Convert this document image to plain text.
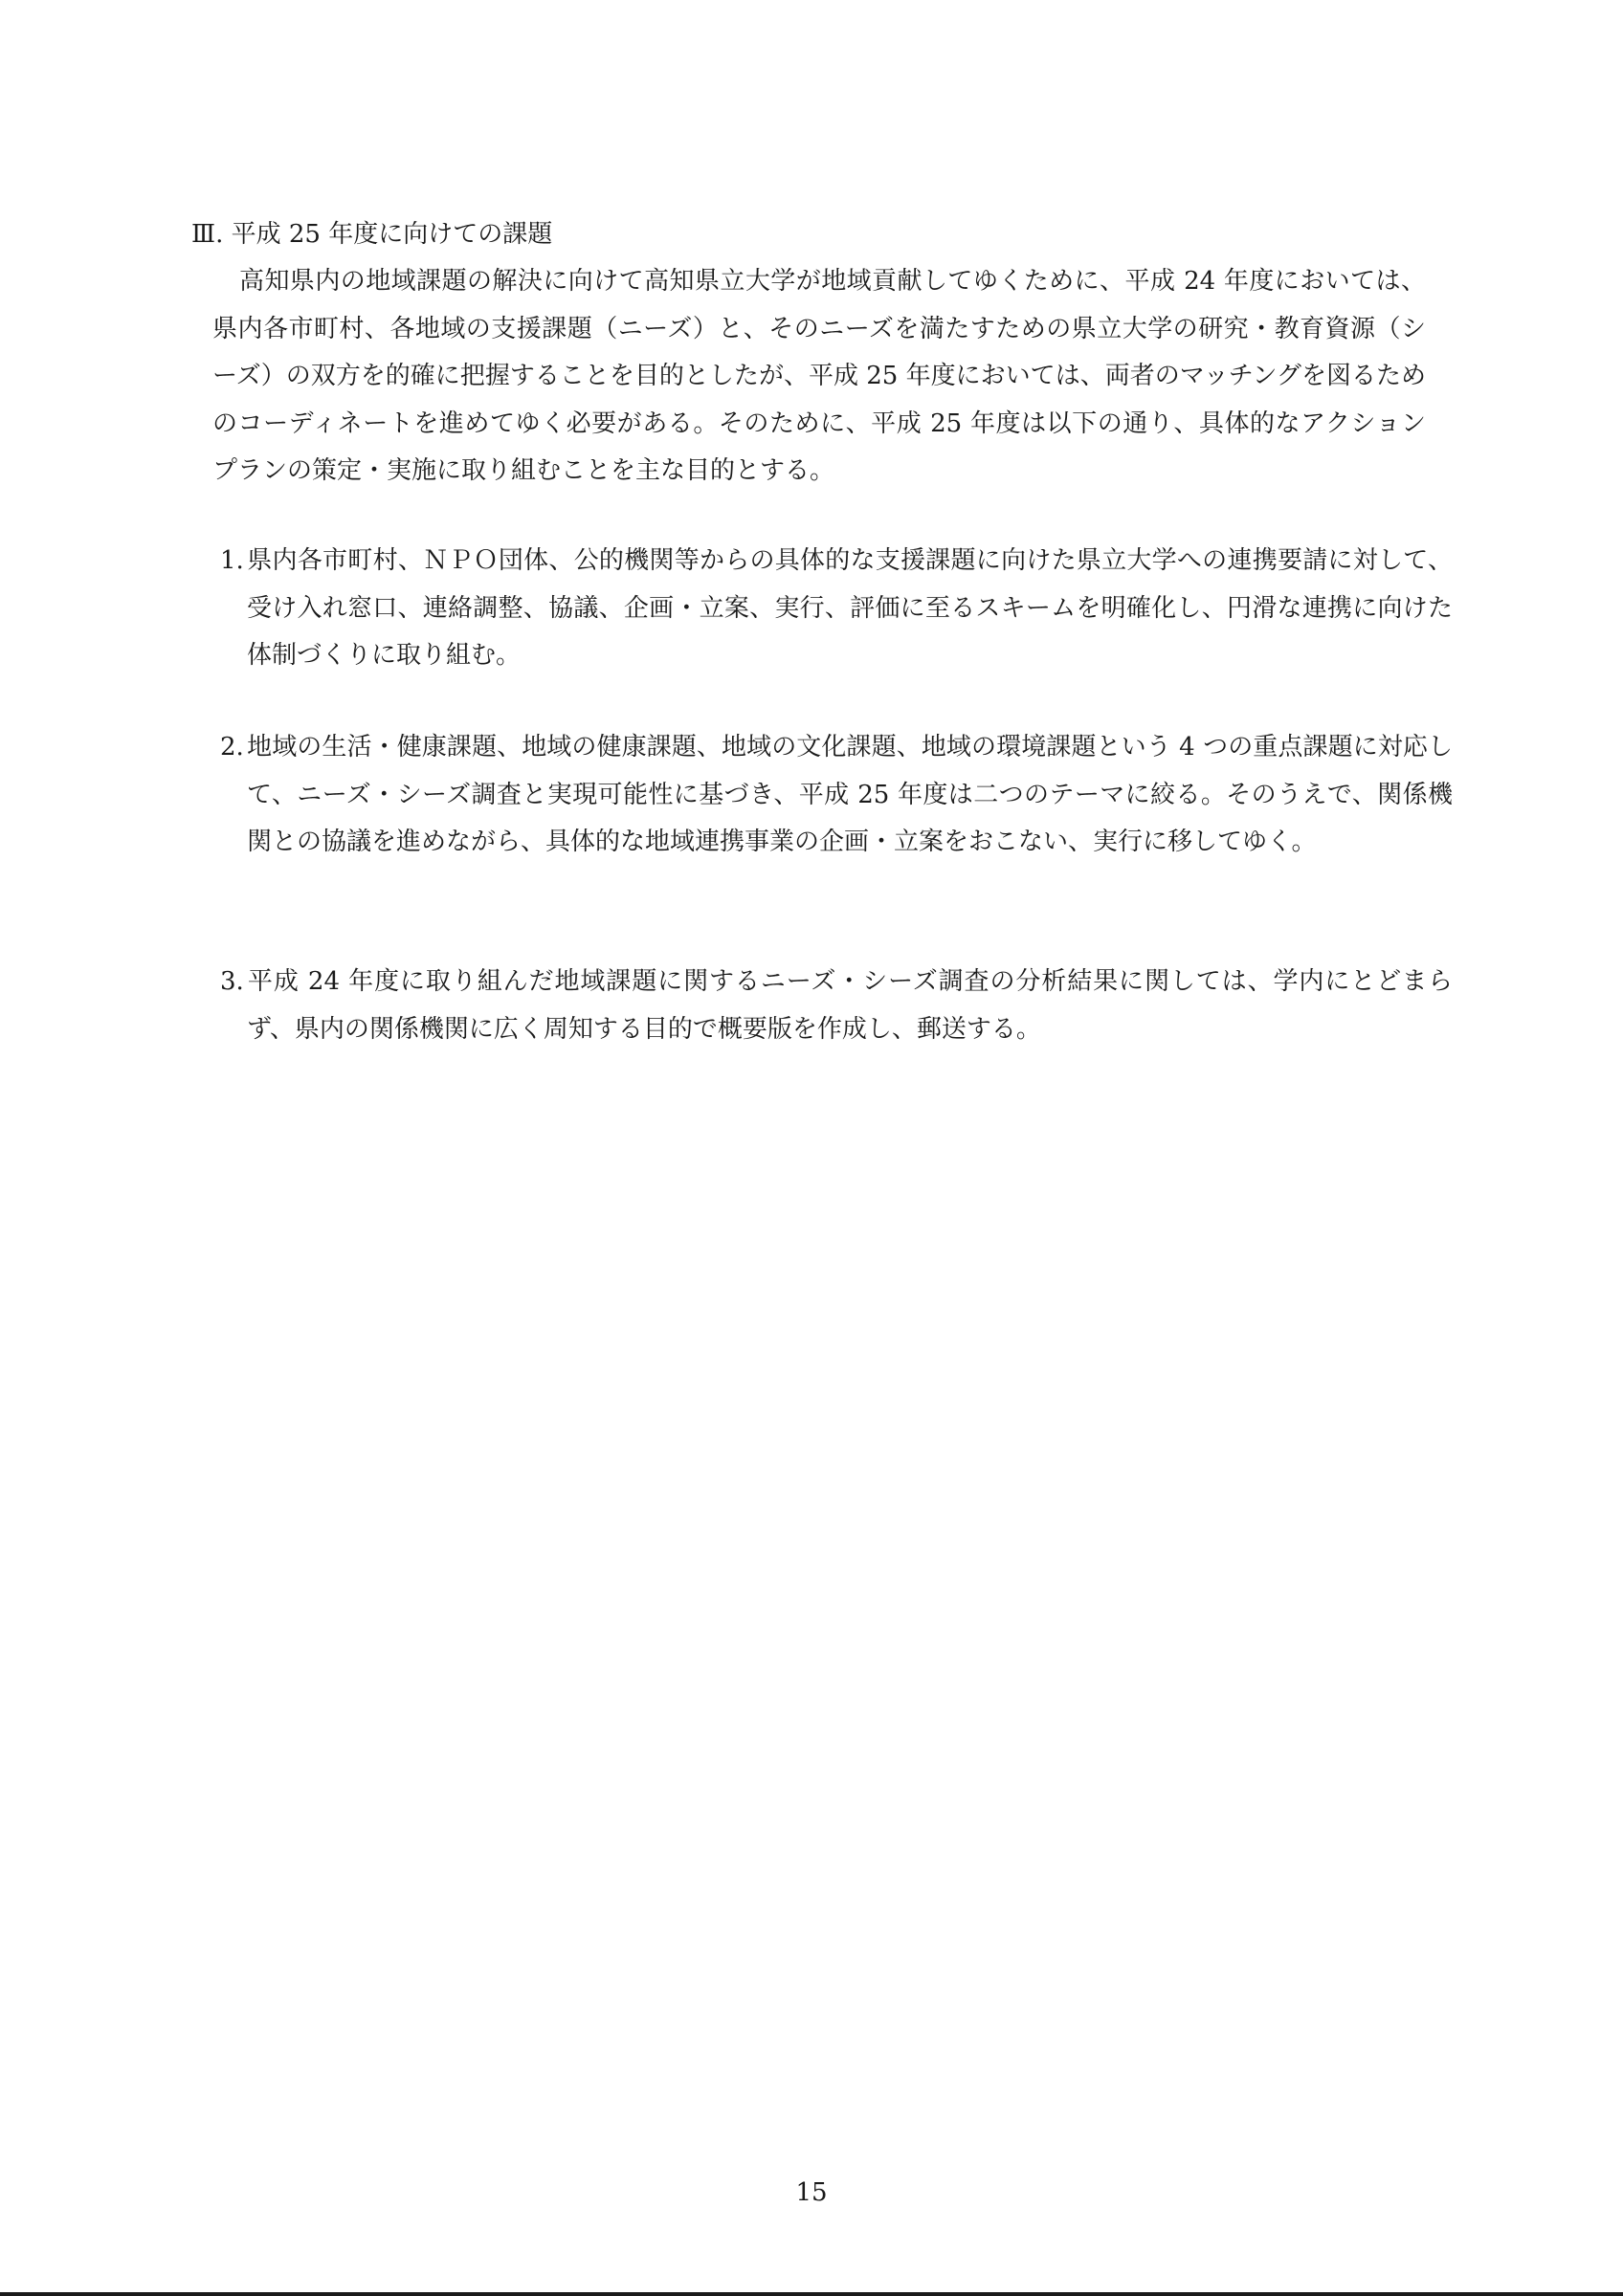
Ⅲ. 平成 25 年度に向けての課題

高知県内の地域課題の解決に向けて高知県立大学が地域貢献してゆくために、平成 24 年度においては、県内各市町村、各地域の支援課題（ニーズ）と、そのニーズを満たすための県立大学の研究・教育資源（シーズ）の双方を的確に把握することを目的としたが、平成 25 年度においては、両者のマッチングを図るためのコーディネートを進めてゆく必要がある。そのために、平成 25 年度は以下の通り、具体的なアクションプランの策定・実施に取り組むことを主な目的とする。

1. 県内各市町村、ＮＰＯ団体、公的機関等からの具体的な支援課題に向けた県立大学への連携要請に対して、受け入れ窓口、連絡調整、協議、企画・立案、実行、評価に至るスキームを明確化し、円滑な連携に向けた体制づくりに取り組む。

2. 地域の生活・健康課題、地域の健康課題、地域の文化課題、地域の環境課題という 4 つの重点課題に対応して、ニーズ・シーズ調査と実現可能性に基づき、平成 25 年度は二つのテーマに絞る。そのうえで、関係機関との協議を進めながら、具体的な地域連携事業の企画・立案をおこない、実行に移してゆく。

3. 平成 24 年度に取り組んだ地域課題に関するニーズ・シーズ調査の分析結果に関しては、学内にとどまらず、県内の関係機関に広く周知する目的で概要版を作成し、郵送する。

15
